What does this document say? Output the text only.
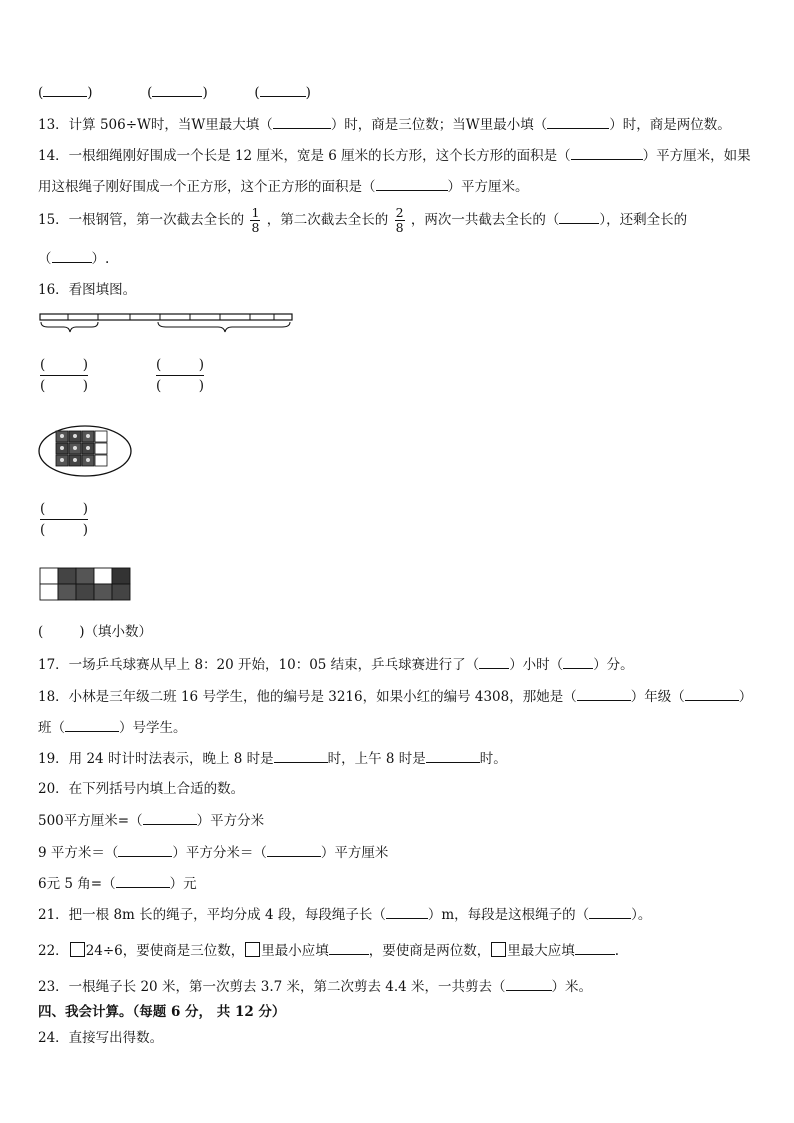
(	)	(	)	(	)
13．计算 506÷W时，当W里最大填（	）时，商是三位数；当W里最小填（	）时，商是两位数。
14．一根细绳刚好围成一个长是 12 厘米，宽是 6 厘米的长方形，这个长方形的面积是（	）平方厘米，如果
用这根绳子刚好围成一个正方形，这个正方形的面积是（	）平方厘米。
15．一根钢管，第一次截去全长的 $\frac{1}{8}$ ，第二次截去全长的 $\frac{2}{8}$ ，两次一共截去全长的（	），还剩全长的
（	）.
16．看图填图。
(	)
(	)
(	)
(	)
(	)
(	)
(	)（填小数）
17．一场乒乓球赛从早上 8：20 开始，10：05 结束，乒乓球赛进行了（ ）小时（ ）分。
18．小林是三年级二班 16 号学生，他的编号是 3216，如果小红的编号 4308，那她是（	）年级（	）
班（	）号学生。
19．用 24 时计时法表示，晚上 8 时是	时，上午 8 时是	时。
20．在下列括号内填上合适的数。
500平方厘米=（	）平方分米
9 平方米＝（	）平方分米＝（	）平方厘米
6元 5 角=（	）元
21．把一根 8m 长的绳子，平均分成 4 段，每段绳子长（	）m，每段是这根绳子的（	）。
22． 24÷6，要使商是三位数， 里最小应填	，要使商是两位数， 里最大应填	.
23．一根绳子长 20 米，第一次剪去 3.7 米，第二次剪去 4.4 米，一共剪去（	）米。
四、我会计算。（每题 6 分， 共 12 分）
24．直接写出得数。
